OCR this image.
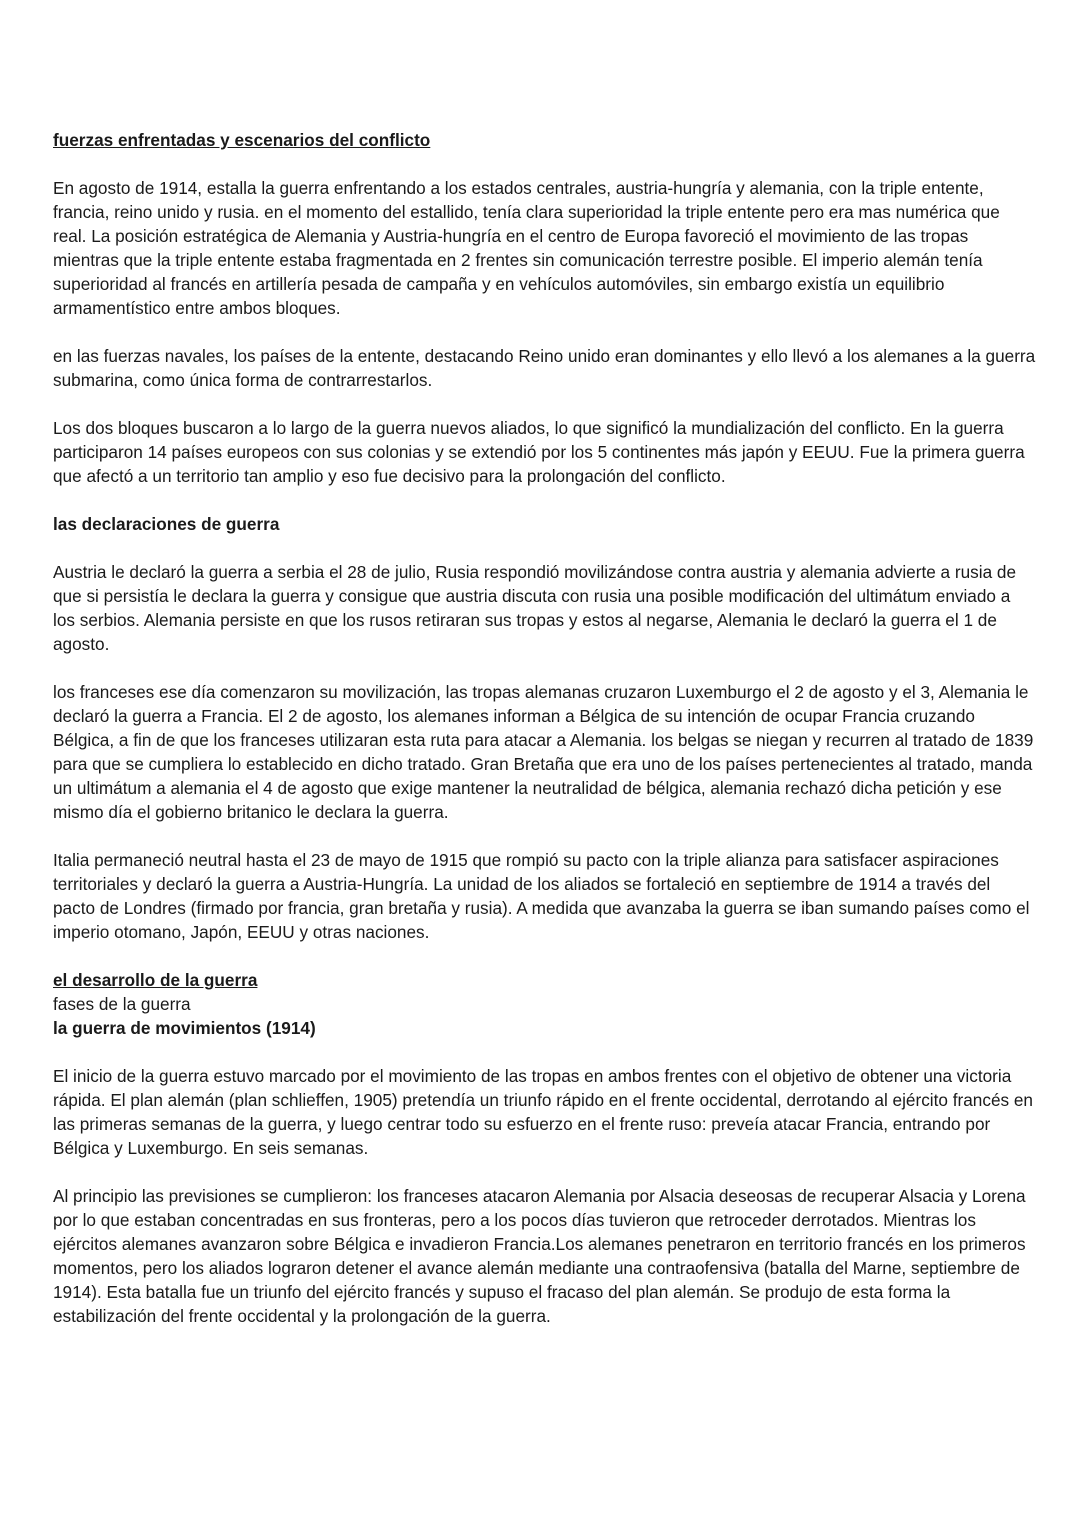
fuerzas enfrentadas y escenarios del conflicto

En agosto de 1914, estalla la guerra enfrentando a los estados centrales, austria-hungría y alemania, con la triple entente, francia, reino unido y rusia. en el momento del estallido, tenía clara superioridad la triple entente pero era mas numérica que real. La posición estratégica de Alemania y Austria-hungría en el centro de Europa favoreció el movimiento de las tropas mientras que la triple entente estaba fragmentada en 2 frentes sin comunicación terrestre posible. El imperio alemán tenía superioridad al francés en artillería pesada de campaña y en vehículos automóviles, sin embargo existía un equilibrio armamentístico entre ambos bloques.

en las fuerzas navales, los países de la entente, destacando Reino unido eran dominantes y ello llevó a los alemanes a la guerra submarina, como única forma de contrarrestarlos.

Los dos bloques buscaron a lo largo de la guerra nuevos aliados, lo que significó la mundialización del conflicto. En la guerra participaron 14 países europeos con sus colonias y se extendió por los 5 continentes más japón y EEUU. Fue la primera guerra que afectó a un territorio tan amplio y eso fue decisivo para la prolongación del conflicto.

las declaraciones de guerra

Austria le declaró la guerra a serbia el 28 de julio, Rusia respondió movilizándose contra austria y alemania advierte a rusia de que si persistía le declara la guerra y consigue que austria discuta con rusia una posible modificación del ultimátum enviado a los serbios. Alemania persiste en que los rusos retiraran sus tropas y estos al negarse, Alemania le declaró la guerra el 1 de agosto.

los franceses ese día comenzaron su movilización, las tropas alemanas cruzaron Luxemburgo el 2 de agosto y el 3, Alemania le declaró la guerra a Francia. El 2 de agosto, los alemanes informan a Bélgica de su intención de ocupar Francia cruzando Bélgica, a fin de que los franceses utilizaran esta ruta para atacar a Alemania. los belgas se niegan y recurren al tratado de 1839 para que se cumpliera lo establecido en dicho tratado. Gran Bretaña que era uno de los países pertenecientes al tratado, manda un ultimátum a alemania el 4 de agosto que exige mantener la neutralidad de bélgica, alemania rechazó dicha petición y ese mismo día el gobierno britanico le declara la guerra.

Italia permaneció neutral hasta el 23 de mayo de 1915 que rompió su pacto con la triple alianza para satisfacer aspiraciones territoriales y declaró la guerra a Austria-Hungría. La unidad de los aliados se fortaleció en septiembre de 1914 a través del pacto de Londres (firmado por francia, gran bretaña y rusia). A medida que avanzaba la guerra se iban sumando países como el imperio otomano, Japón, EEUU y otras naciones.

el desarrollo de la guerra

fases de la guerra

la guerra de movimientos (1914)

El inicio de la guerra estuvo marcado por el movimiento de las tropas en ambos frentes con el objetivo de obtener una victoria rápida. El plan alemán (plan schlieffen, 1905) pretendía un triunfo rápido en el frente occidental, derrotando al ejército francés en las primeras semanas de la guerra, y luego centrar todo su esfuerzo en el frente ruso: preveía atacar Francia, entrando por Bélgica y Luxemburgo. En seis semanas.

Al principio las previsiones se cumplieron: los franceses atacaron Alemania por Alsacia deseosas de recuperar Alsacia y Lorena por lo que estaban concentradas en sus fronteras, pero a los pocos días tuvieron que retroceder derrotados. Mientras los ejércitos alemanes avanzaron sobre Bélgica e invadieron Francia.Los alemanes penetraron en territorio francés en los primeros momentos, pero los aliados lograron detener el avance alemán mediante una contraofensiva (batalla del Marne, septiembre de 1914). Esta batalla fue un triunfo del ejército francés y supuso el fracaso del plan alemán. Se produjo de esta forma la estabilización del frente occidental y la prolongación de la guerra.
